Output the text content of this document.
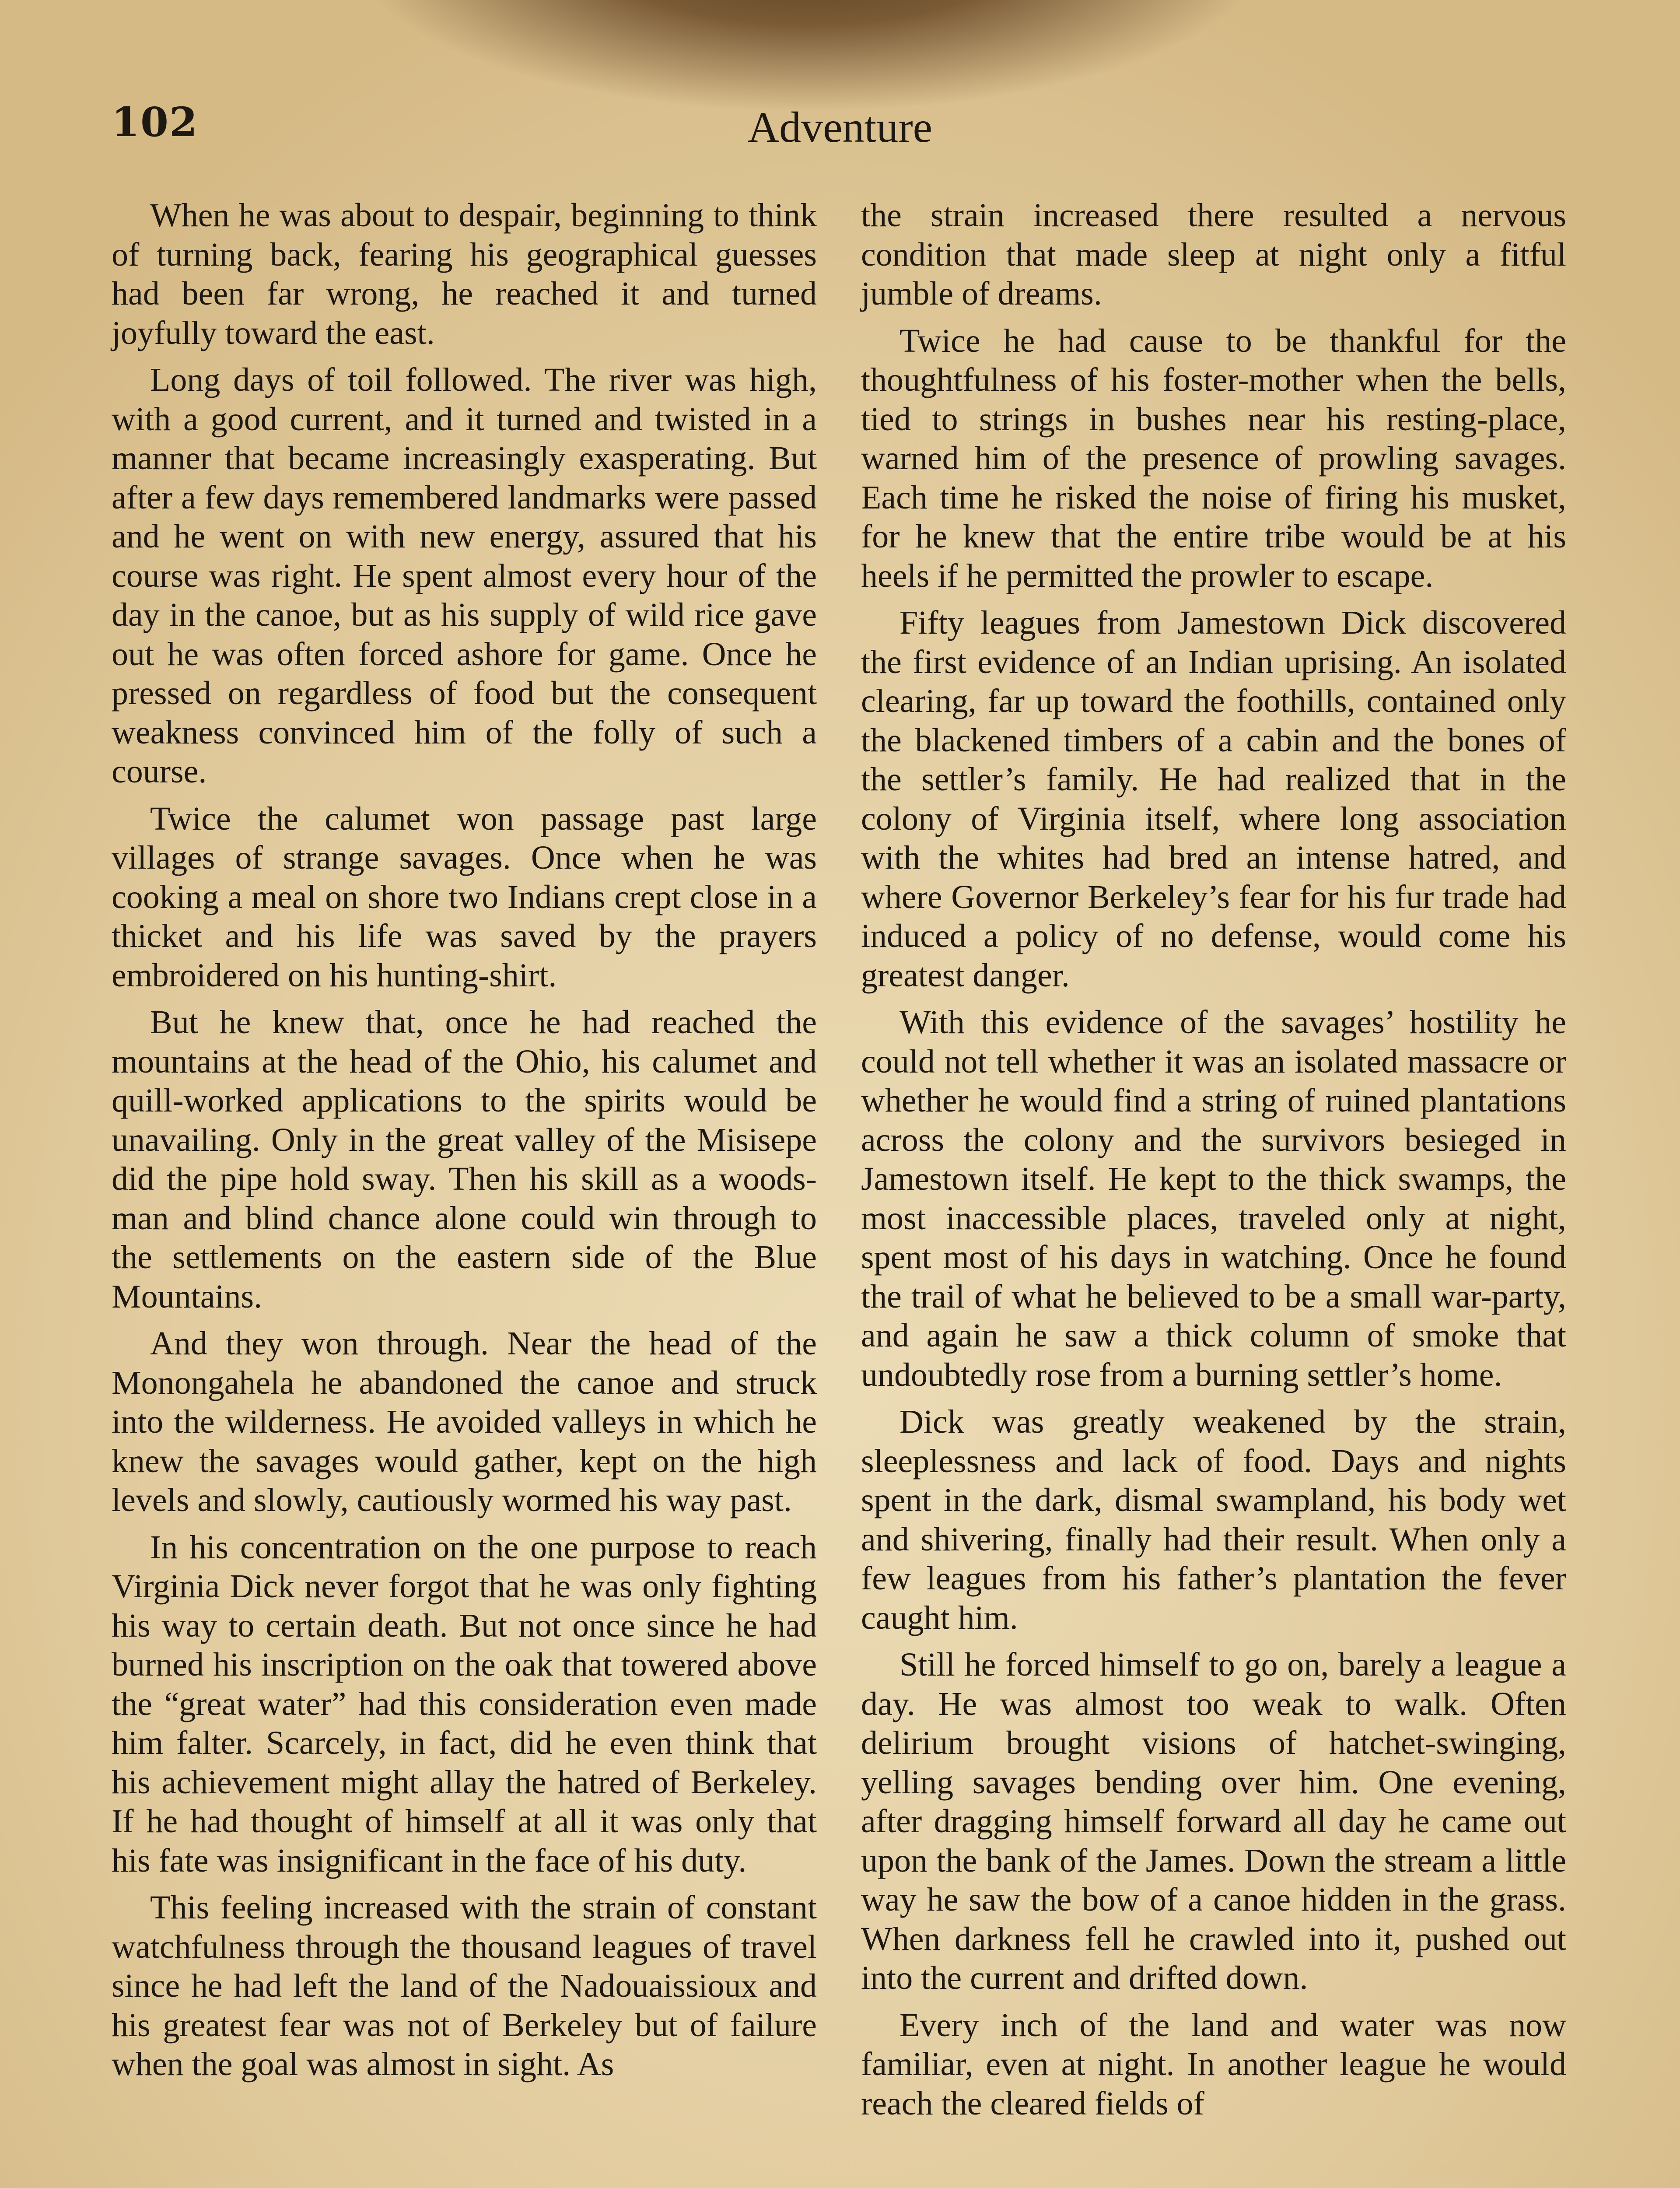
102	Adventure

When he was about to despair, beginning to think of turning back, fearing his geographical guesses had been far wrong, he reached it and turned joyfully toward the east.

Long days of toil followed. The river was high, with a good current, and it turned and twisted in a manner that became increasingly exasperating. But after a few days remembered landmarks were passed and he went on with new energy, assured that his course was right. He spent almost every hour of the day in the canoe, but as his supply of wild rice gave out he was often forced ashore for game. Once he pressed on regardless of food but the consequent weakness convinced him of the folly of such a course.

Twice the calumet won passage past large villages of strange savages. Once when he was cooking a meal on shore two Indians crept close in a thicket and his life was saved by the prayers embroidered on his hunting-shirt.

But he knew that, once he had reached the mountains at the head of the Ohio, his calumet and quill-worked applications to the spirits would be unavailing. Only in the great valley of the Misisepe did the pipe hold sway. Then his skill as a woodsman and blind chance alone could win through to the settlements on the eastern side of the Blue Mountains.

And they won through. Near the head of the Monongahela he abandoned the canoe and struck into the wilderness. He avoided valleys in which he knew the savages would gather, kept on the high levels and slowly, cautiously wormed his way past.

In his concentration on the one purpose to reach Virginia Dick never forgot that he was only fighting his way to certain death. But not once since he had burned his inscription on the oak that towered above the “great water” had this consideration even made him falter. Scarcely, in fact, did he even think that his achievement might allay the hatred of Berkeley. If he had thought of himself at all it was only that his fate was insignificant in the face of his duty.

This feeling increased with the strain of constant watchfulness through the thousand leagues of travel since he had left the land of the Nadouaissioux and his greatest fear was not of Berkeley but of failure when the goal was almost in sight. As

the strain increased there resulted a nervous condition that made sleep at night only a fitful jumble of dreams.

Twice he had cause to be thankful for the thoughtfulness of his foster-mother when the bells, tied to strings in bushes near his resting-place, warned him of the presence of prowling savages. Each time he risked the noise of firing his musket, for he knew that the entire tribe would be at his heels if he permitted the prowler to escape.

Fifty leagues from Jamestown Dick discovered the first evidence of an Indian uprising. An isolated clearing, far up toward the foothills, contained only the blackened timbers of a cabin and the bones of the settler’s family. He had realized that in the colony of Virginia itself, where long association with the whites had bred an intense hatred, and where Governor Berkeley’s fear for his fur trade had induced a policy of no defense, would come his greatest danger.

With this evidence of the savages’ hostility he could not tell whether it was an isolated massacre or whether he would find a string of ruined plantations across the colony and the survivors besieged in Jamestown itself. He kept to the thick swamps, the most inaccessible places, traveled only at night, spent most of his days in watching. Once he found the trail of what he believed to be a small war-party, and again he saw a thick column of smoke that undoubtedly rose from a burning settler’s home.

Dick was greatly weakened by the strain, sleeplessness and lack of food. Days and nights spent in the dark, dismal swampland, his body wet and shivering, finally had their result. When only a few leagues from his father’s plantation the fever caught him.

Still he forced himself to go on, barely a league a day. He was almost too weak to walk. Often delirium brought visions of hatchet-swinging, yelling savages bending over him. One evening, after dragging himself forward all day he came out upon the bank of the James. Down the stream a little way he saw the bow of a canoe hidden in the grass. When darkness fell he crawled into it, pushed out into the current and drifted down.

Every inch of the land and water was now familiar, even at night. In another league he would reach the cleared fields of
